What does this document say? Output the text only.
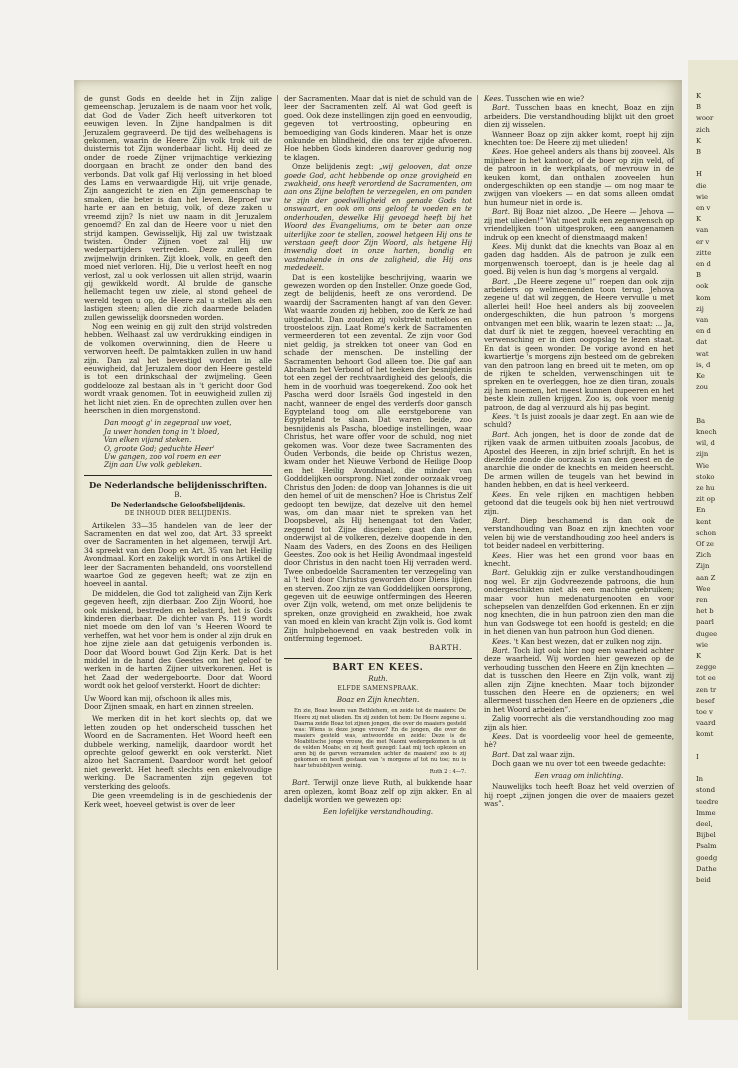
de gunst Gods en deelde het in Zijn zalige gemeenschap. Jeruzalem is de naam voor het volk, dat God de Vader Zich heeft uitverkoren tot eeuwigen leven. In Zijne handpalmen is dit Jeruzalem gegraveerd. De tijd des welbehagens is gekomen, waarin de Heere Zijn volk trok uit de duisternis tot Zijn wonderbaar licht. Hij deed ze onder de roede Zijner vrijmachtige verkiezing doorgaan en bracht ze onder den band des verbonds. Dat volk gaf Hij verlossing in het bloed des Lams en verwaardigde Hij, uit vrije genade, Zijn aangezicht te zien en Zijn gemeenschap te smaken, die beter is dan het leven. Beproef uw harte er aan en betuig, volk, of deze zaken u vreemd zijn? Is niet uw naam in dit Jeruzalem genoemd? En zal dan de Heere voor u niet den strijd kampen. Gewisselijk, Hij zal uw twistzaak twisten. Onder Zijnen voet zal Hij uw wederpartijders vertreden. Deze zullen den zwijmelwijn drinken. Zijt kloek, volk, en geeft den moed niet verloren. Hij, Die u verlost heeft en nog verlost, zal u ook verlossen uit allen strijd, waarin gij gewikkeld wordt. Al brulde de gansche hellemacht tegen uw ziele, al stond geheel de wereld tegen u op, de Heere zal u stellen als een lastigen steen; allen die zich daarmede beladen zullen gewisselijk doorsneden worden.

Nog een weinig en gij zult den strijd volstreden hebben. Welhaast zal uw verdrukking eindigen in de volkomen overwinning, dien de Heere u verworven heeft. De palmtakken zullen in uw hand zijn. Dan zal het bevestigd worden in alle eeuwigheid, dat Jeruzalem door den Heere gesteld is tot een drinkschaal der zwijmeling. Geen goddelooze zal bestaan als in 't gericht door God wordt vraak genomen. Tot in eeuwigheid zullen zij het licht niet zien. En de oprechten zullen over hen heerschen in dien morgenstond.

Dan moogt g' in zegepraal uw voet,
Ja uwer honden tong in 't bloed,
Van elken vijand steken.
O, groote God; geduchte Heer'
Uw gangen, zoo vol roem en eer
Zijn aan Uw volk gebleken.
De Nederlandsche belijdenisschriften.
B.
De Nederlandsche Geloofsbelijdenis.
DE INHOUD DIER BELIJDENIS.

Artikelen 33—35 handelen van de leer der Sacramenten en dat wel zoo, dat Art. 33 spreekt over de Sacramenten in het algemeen, terwijl Art. 34 spreekt van den Doop en Art. 35 van het Heilig Avondmaal. Kort en zakelijk wordt in ons Artikel de leer der Sacramenten behandeld, ons voorstellend waartoe God ze gegeven heeft; wat ze zijn en hoeveel in aantal.

De middelen, die God tot zaligheid van Zijn Kerk gegeven heeft, zijn dierbaar. Zoo Zijn Woord, hoe ook miskend, bestreden en belasterd, het is Gods kinderen dierbaar. De dichter van Ps. 119 wordt niet moede om den lof van 's Heeren Woord te verheffen, wat het voor hem is onder al zijn druk en hoe zijne ziele aan dat getuigenis verbonden is. Door dat Woord bouwt God Zijn Kerk. Dat is het middel in de hand des Geestes om het geloof te werken in de harten Zijner uitverkorenen. Het is het Zaad der wedergeboorte. Door dat Woord wordt ook het geloof versterkt. Hoort de dichter:

Uw Woord kan mij, ofschoon ik alles mis,
Door Zijnen smaak, en hart en zinnen streelen.

We merken dit in het kort slechts op, dat we letten zouden op het onderscheid tusschen het Woord en de Sacramenten. Het Woord heeft een dubbele werking, namelijk, daardoor wordt het oprechte geloof gewerkt en ook versterkt. Niet alzoo het Sacrament. Daardoor wordt het geloof niet gewerkt. Het heeft slechts een enkelvoudige werking. De Sacramenten zijn gegeven tot versterking des geloofs.

Die geen vreemdeling is in de geschiedenis der Kerk weet, hoeveel getwist is over de leer

der Sacramenten. Maar dat is niet de schuld van de leer der Sacramenten zelf. Al wat God geeft is goed. Ook deze instellingen zijn goed en eenvoudig, gegeven tot vertroosting, opbeuring en bemoediging van Gods kinderen. Maar het is onze onkunde en blindheid, die ons ter zijde afvoeren. Hoe hebben Gods kinderen daarover gedurig nog te klagen.

Onze belijdenis zegt: „wij gelooven, dat onze goede God, acht hebbende op onze grovigheid en zwakheid, ons heeft verordend de Sacramenten, om aan ons Zijne beloften te verzegelen, en om panden te zijn der goedwilligheid en genade Gods tot onswaart, en ook om ons geloof te voeden en te onderhouden, dewelke Hij gevoegd heeft bij het Woord des Evangeliums, om te beter aan onze uiterlijke zoor te stellen, zoowel hetgeen Hij ons te verstaan geeft door Zijn Woord, als hetgene Hij inwendig doet in onze harten, bondig en vastmakende in ons de zaligheid, die Hij ons mededeelt.

Dat is een kostelijke beschrijving, waarin we gewezen worden op den Insteller. Onze goede God, zegt de belijdenis, heeft ze ons verordend. De waardij der Sacramenten hangt af van den Gever. Wat waarde zouden zij hebben, zoo de Kerk ze had uitgedacht. Dan zouden zij volstrekt nutteloos en troosteloos zijn. Laat Rome's kerk de Sacramenten vermeerderen tot een zevental. Ze zijn voor God niet geldig, ja strekken tot oneer van God en schade der menschen. De instelling der Sacramenten behoort God alleen toe. Die gaf aan Abraham het Verbond of het teeken der besnijdenis tot een zegel der rechtvaardigheid des geloofs, die hem in de voorhuid was toegerekend. Zoo ook het Pascha werd door Israëls God ingesteld in den nacht, wanneer de engel des verderfs door gansch Egypteland toog om alle eerstgeborene van Egypteland te slaan. Dat waren beide, zoo besnijdenis als Pascha, bloedige instellingen, waar Christus, het ware offer voor de schuld, nog niet gekomen was. Voor deze twee Sacramenten des Ouden Verbonds, die beide op Christus wezen, kwam onder het Nieuwe Verbond de Heilige Doop en het Heilig Avondmaal, die minder van Godddelijken oorsprong. Niet zonder oorzaak vroeg Christus den Joden: de doop van Johannes is die uit den hemel of uit de menschen? Hoe is Christus Zelf gedoopt ten bewijze, dat dezelve uit den hemel was, om dan maar niet te spreken van het Doopsbevel, als Hij henengaat tot den Vader, zeggend tot Zijne discipelen: gaat dan heen, onderwijst al de volkeren, dezelve doopende in den Naam des Vaders, en des Zoons en des Heiligen Geestes. Zoo ook is het Heilig Avondmaal ingesteld door Christus in den nacht toen Hij verraden werd. Twee onbedoelde Sacramenten ter verzegeling van al 't heil door Christus geworden door Diens lijden en sterven. Zoo zijn ze van Godddelijken oorsprong, gegeven uit de eeuwige ontfermingen des Heeren over Zijn volk, wetend, om met onze belijdenis te spreken, onze grovigheid en zwakheid, hoe zwak van moed en klein van kracht Zijn volk is. God komt Zijn hulpbehoevend en vaak bestreden volk in ontferming tegemoet.

BARTH.
BART EN KEES.
Ruth.
ELFDE SAMENSPRAAK.
Boaz en Zijn knechten.
En zie, Boaz kwam van Bethlehem, en zeide tot de maaiers: De Heere zij met ulieden. En zij zeiden tot hem: De Heere zegene u. Daarna zeide Boaz tot zijnen jongen, die over de maaiers gesteld was: Wiens is deze jonge vrouw? En de jongen, die over de maaiers gesteld was, antwoordde en zeide: Deze is de Moabitische jonge vrouw, die met Naomi wedergekomen is uit de velden Moabs; en zij heeft gezegd: Laat mij toch oplezen en aren bij de garven verzamelen achter de maaiers! zoo is zij gekomen en heeft gestaan van 's morgens af tot nu toe; nu is haar tehuisblijven weinig.
Ruth 2 : 4—7.

Bart. Terwijl onze lieve Ruth, al bukkende haar aren oplezen, komt Boaz zelf op zijn akker. En al dadelijk worden we gewezen op:

Een lofelijke verstandhouding.

Kees. Tusschen wie en wie?

Bart. Tusschen baas en knecht, Boaz en zijn arbeiders. Die verstandhouding blijkt uit den groet dien zij wisselen.

Wanneer Boaz op zijn akker komt, roept hij zijn knechten toe: De Heere zij met ulieden!

Kees. Hoe geheel anders als thans bij zooveel. Als mijnheer in het kantoor, of de boer op zijn veld, of de patroon in de werkplaats, of mevrouw in de keuken komt, dan onthalen zooveelen hun ondergeschikten op een standje — om nog maar te zwijgen van vloekers — en dat soms alleen omdat hun humeur niet in orde is.

Bart. Bij Boaz niet alzoo. „De Heere — Jehova — zij met ulieden!” Wat moet zulk een zegenwensch op vriendelijken toon uitgesproken, een aangenamen indruk op een knecht of dienstmaagd maken!

Kees. Mij dunkt dat die knechts van Boaz al en gaden dag hadden. Als de patroon je zulk een morgenwensch toeroept, dan is je heele dag al goed. Bij velen is hun dag 's morgens al vergald.

Bart. „De Heere zegene u!” roepen dan ook zijn arbeiders op welmeenenden toon terug. Jehova zegene u! dat wil zeggen, de Heere vervulle u met allerlei heil! Hoe heel anders als bij zooveelen ondergeschikten, die hun patroon 's morgens ontvangen met een blik, waarin te lezen staat: ... Ja, dat durf ik niet te zeggen, hoeveel verachting en verwensching er in dien oogopslag te lezen staat. En dat is geen wonder. De vorige avond en het kwartiertje 's morgens zijn besteed om de gebreken van den patroon lang en breed uit te meten, om op de rijken te schelden, verwenschingen uit te spreken en te overleggen, hoe ze dien tiran, zouals zij hem noemen, het meest kunnen dupeeren en het beste klein zullen krijgen. Zoo is, ook voor menig patroon, de dag al verzuurd als hij pas begint.

Kees. 't Is juist zooals je daar zegt. En aan wie de schuld?

Bart. Ach jongen, het is door de zonde dat de rijken vaak de armen uitbuiten zooals Jacobus, de Apostel des Heeren, in zijn brief schrijft. En het is diezelfde zonde die oorzaak is van den geest en de anarchie die onder de knechts en meiden heerscht. De armen willen de teugels van het bewind in handen hebben, en dat is heel verkeerd.

Kees. En vele rijken en machtigen hebben getoond dat die teugels ook bij hen niet vertrouwd zijn.

Bart. Diep beschamend is dan ook de verstandhouding van Boaz en zijn knechten voor velen bij wie de verstandhouding zoo heel anders is tot beider nadeel en verbittering.

Kees. Hier was het een grond voor baas en knecht.

Bart. Gelukkig zijn er zulke verstandhoudingen nog wel. Er zijn Godvreezende patroons, die hun ondergeschikten niet als een machine gebruiken; maar voor hun medenaturgenooten en voor schepselen van denzelfden God erkennen. En er zijn nog knechten, die in hun patroon zien den man die hun van Godswege tot een hoofd is gesteld; en die in het dienen van hun patroon hun God dienen.

Kees. 't Kan best wezen, dat er zulken nog zijn.

Bart. Toch ligt ook hier nog een waarheid achter deze waarheid. Wij worden hier gewezen op de verhouding tusschen den Heere en Zijn knechten — dat is tusschen den Heere en Zijn volk, want zij allen zijn Zijne knechten. Maar toch bijzonder tusschen den Heere en de opzieners; en wel allermeest tusschen den Heere en de opzieners „die in het Woord arbeiden”.

Zalig voorrecht als die verstandhouding zoo mag zijn als hier.

Kees. Dat is voordeelig voor heel de gemeente, hè?

Bart. Dat zal waar zijn.

Doch gaan we nu over tot een tweede gedachte:

Een vraag om inlichting.

Nauwelijks toch heeft Boaz het veld overzien of hij roept „zijnen jongen die over de maaiers gezet was”.

K
B
woor
zich
K
B
H
die
wie
en v
K
van
er v
zitte
en d
B
ook
kom
zij
van
en d
dat
wat
is, d
Ke
zou
Ba
knech
wil, d
zijn
Wie
stoko
ze hu
zit op
En
kent
schon
Of ze
Zich
Zijn
aan Z
Wee
ren
het b
paarl
dugee
wie
K
zegge
tot ee
zen tr
besef
toe v
vaard
komt
I
In
stond
teedre
Imme
deel,
Bijbel
Psalm
goedg
Dathe
beid
